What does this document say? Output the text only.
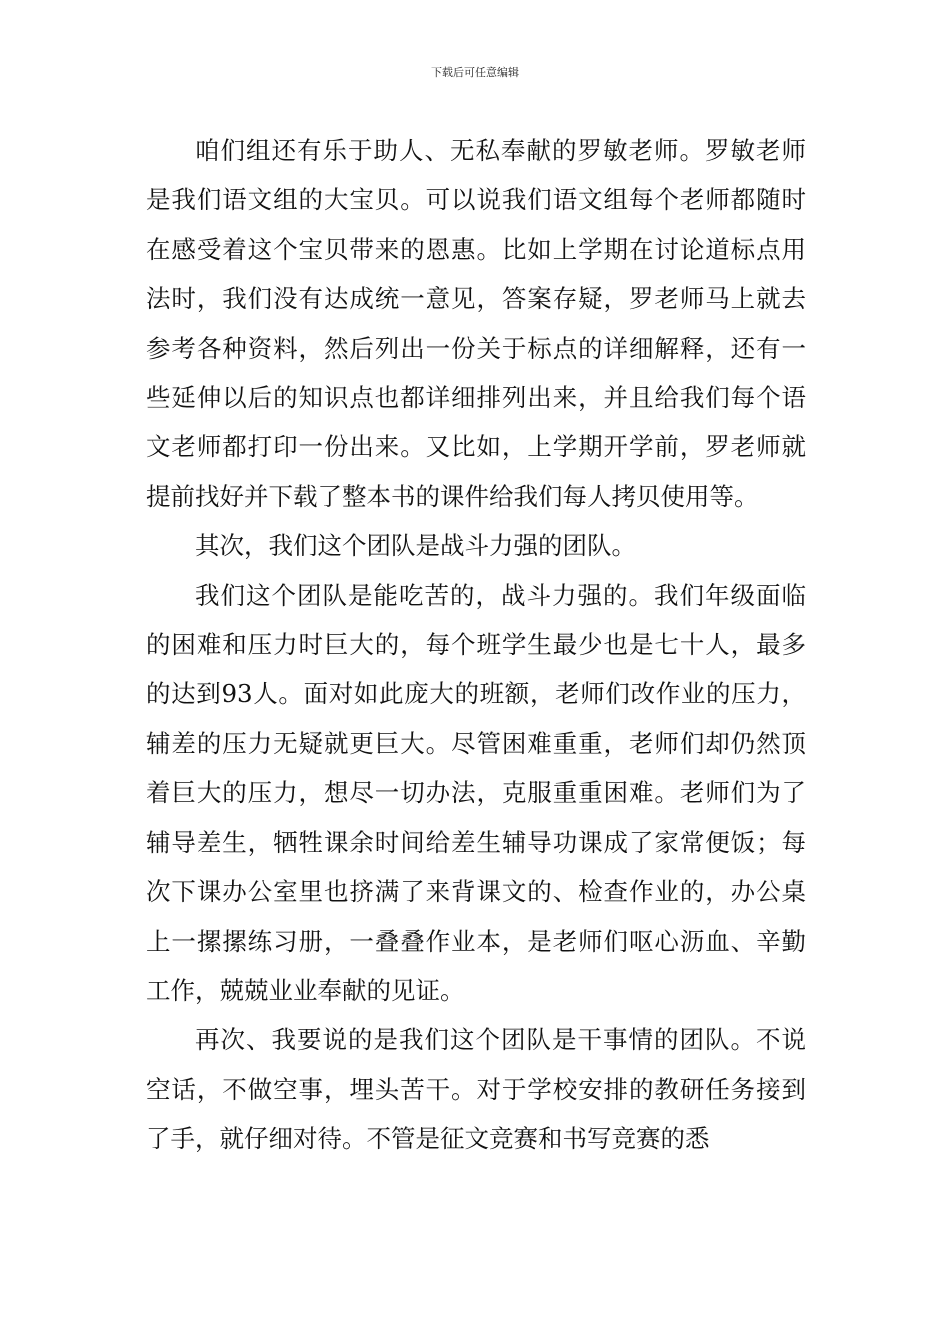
下载后可任意编辑

咱们组还有乐于助人、无私奉献的罗敏老师。罗敏老师是我们语文组的大宝贝。可以说我们语文组每个老师都随时在感受着这个宝贝带来的恩惠。比如上学期在讨论道标点用法时，我们没有达成统一意见，答案存疑，罗老师马上就去参考各种资料，然后列出一份关于标点的详细解释，还有一些延伸以后的知识点也都详细排列出来，并且给我们每个语文老师都打印一份出来。又比如，上学期开学前，罗老师就提前找好并下载了整本书的课件给我们每人拷贝使用等。

其次，我们这个团队是战斗力强的团队。

我们这个团队是能吃苦的，战斗力强的。我们年级面临的困难和压力时巨大的，每个班学生最少也是七十人，最多的达到93人。面对如此庞大的班额，老师们改作业的压力，辅差的压力无疑就更巨大。尽管困难重重，老师们却仍然顶着巨大的压力，想尽一切办法，克服重重困难。老师们为了辅导差生，牺牲课余时间给差生辅导功课成了家常便饭；每次下课办公室里也挤满了来背课文的、检查作业的，办公桌上一摞摞练习册，一叠叠作业本，是老师们呕心沥血、辛勤工作，兢兢业业奉献的见证。

再次、我要说的是我们这个团队是干事情的团队。不说空话，不做空事，埋头苦干。对于学校安排的教研任务接到了手，就仔细对待。不管是征文竞赛和书写竞赛的悉
